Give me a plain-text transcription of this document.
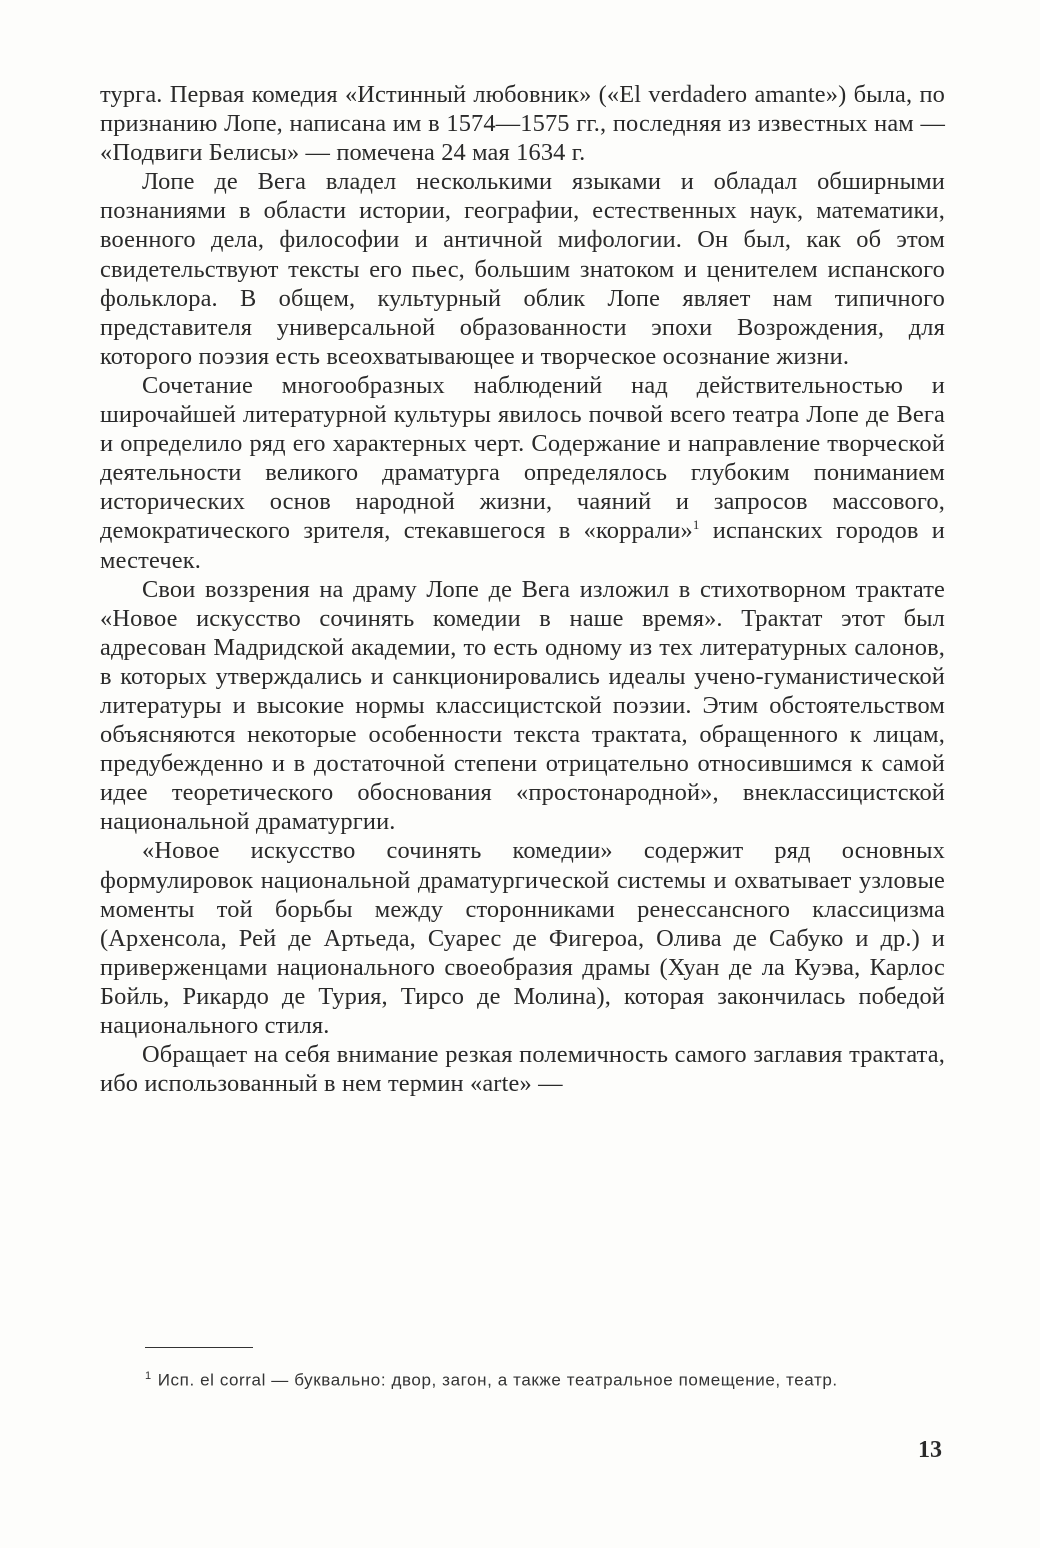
тургa. Первая комедия «Истинный любовник» («El verdadero amante») была, по признанию Лопе, написана им в 1574—1575 гг., последняя из известных нам — «Подвиги Белисы» — помечена 24 мая 1634 г.

Лопе де Вега владел несколькими языками и обладал обширными познаниями в области истории, географии, естественных наук, математики, военного дела, философии и античной мифологии. Он был, как об этом свидетельствуют тексты его пьес, большим знатоком и ценителем испанского фольклора. В общем, культурный облик Лопе являет нам типичного представителя универсальной образованности эпохи Возрождения, для которого поэзия есть всеохватывающее и творческое осознание жизни.

Сочетание многообразных наблюдений над действительностью и широчайшей литературной культуры явилось почвой всего театра Лопе де Вега и определило ряд его характерных черт. Содержание и направление творческой деятельности великого драматурга определялось глубоким пониманием исторических основ народной жизни, чаяний и запросов массового, демократического зрителя, стекавшегося в «коррали»$^1$ испанских городов и местечек.

Свои воззрения на драму Лопе де Вега изложил в стихотворном трактате «Новое искусство сочинять комедии в наше время». Трактат этот был адресован Мадридской академии, то есть одному из тех литературных салонов, в которых утверждались и санкционировались идеалы учено-гуманистической литературы и высокие нормы классицистской поэзии. Этим обстоятельством объясняются некоторые особенности текста трактата, обращенного к лицам, предубежденно и в достаточной степени отрицательно относившимся к самой идее теоретического обоснования «простонародной», внеклассицистской национальной драматургии.

«Новое искусство сочинять комедии» содержит ряд основных формулировок национальной драматургической системы и охватывает узловые моменты той борьбы между сторонниками ренессансного классицизма (Архенсола, Рей де Артьеда, Суарес де Фигероа, Олива де Сабуко и др.) и приверженцами национального своеобразия драмы (Хуан де ла Куэва, Карлос Бойль, Рикардо де Турия, Тирсо де Молина), которая закончилась победой национального стиля.

Обращает на себя внимание резкая полемичность самого заглавия трактата, ибо использованный в нем термин «arte» —

$^1$ Исп. el corral — буквально: двор, загон, а также театральное помещение, театр.
13
